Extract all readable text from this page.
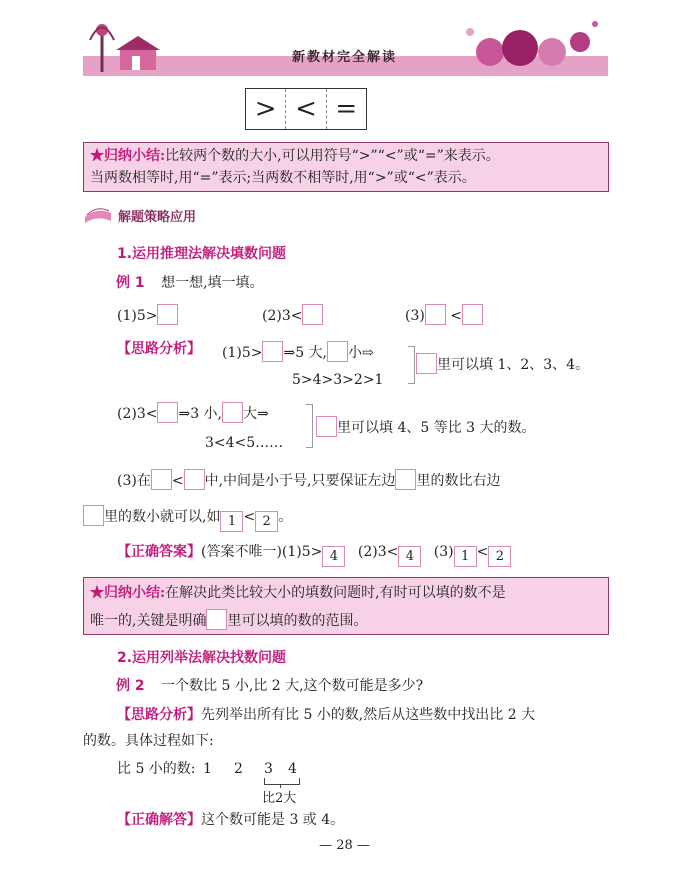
新教材完全解读
> < =
★归纳小结:比较两个数的大小,可以用符号“>”“<”或“=”来表示。
当两数相等时,用“=”表示;当两数不相等时,用“>”或“<”表示。
解题策略应用
1.运用推理法解决填数问题
例 1 想一想,填一填。
(1)5>	(2)3<	(3) <
【思路分析】 (1)5> ⇒5 大, 小⇨
里可以填 1、2、3、4。
5>4>3>2>1
(2)3< ⇒3 小, 大⇒
里可以填 4、5 等比 3 大的数。
3<4<5……
(3)在 < 中,中间是小于号,只要保证左边 里的数比右边
里的数小就可以,如 1 < 2 。
【正确答案】(答案不唯一)(1)5> 4 (2)3< 4 (3) 1 < 2
★归纳小结:在解决此类比较大小的填数问题时,有时可以填的数不是
唯一的,关键是明确 里可以填的数的范围。
2.运用列举法解决找数问题
例 2 一个数比 5 小,比 2 大,这个数可能是多少?
【思路分析】先列举出所有比 5 小的数,然后从这些数中找出比 2 大
的数。具体过程如下:
比 5 小的数: 1 2 3 4
比2大
【正确解答】这个数可能是 3 或 4。
— 28 —
